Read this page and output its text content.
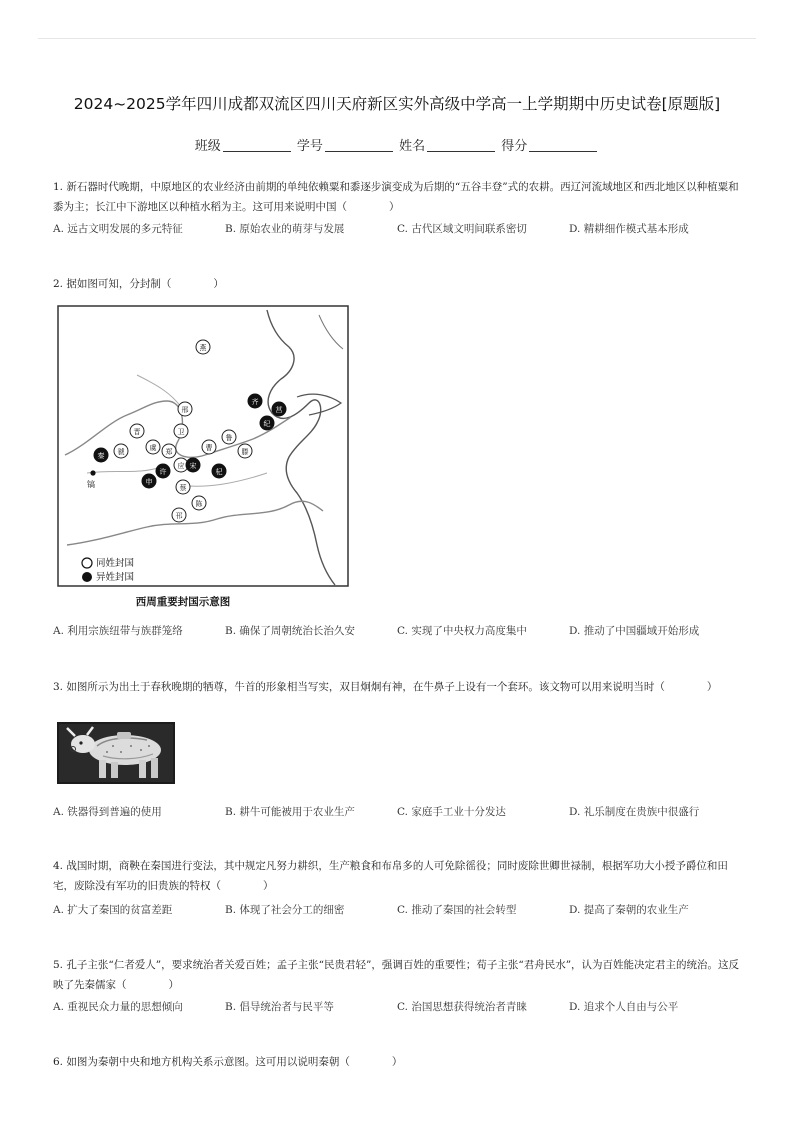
2024~2025学年四川成都双流区四川天府新区实外高级中学高一上学期期中历史试卷[原题版]
班级	学号	姓名	得分
1. 新石器时代晚期，中原地区的农业经济由前期的单纯依赖粟和黍逐步演变成为后期的“五谷丰登”式的农耕。西辽河流域地区和西北地区以种植粟和黍为主；长江中下游地区以种植水稻为主。这可用来说明中国（　　　　）
A. 远古文明发展的多元特征	B. 原始农业的萌芽与发展	C. 古代区域文明间联系密切	D. 精耕细作模式基本形成
2. 据如图可知，分封制（　　　　）
镐
燕
邢
卫
鲁
曹
晋
虢
应
蔡
陈
滕
邗
虞 郑
齐
莒
宋
秦
申
许
纪
杞
同姓封国
异姓封国
西周重要封国示意图
A. 利用宗族纽带与族群笼络	B. 确保了周朝统治长治久安	C. 实现了中央权力高度集中	D. 推动了中国疆域开始形成
3. 如图所示为出土于春秋晚期的牺尊，牛首的形象相当写实，双目炯炯有神，在牛鼻子上设有一个套环。该文物可以用来说明当时（　　　　）
A. 铁器得到普遍的使用	B. 耕牛可能被用于农业生产	C. 家庭手工业十分发达	D. 礼乐制度在贵族中很盛行
4. 战国时期，商鞅在秦国进行变法，其中规定凡努力耕织，生产粮食和布帛多的人可免除徭役；同时废除世卿世禄制，根据军功大小授予爵位和田宅，废除没有军功的旧贵族的特权（　　　　）
A. 扩大了秦国的贫富差距	B. 体现了社会分工的细密	C. 推动了秦国的社会转型	D. 提高了秦朝的农业生产
5. 孔子主张“仁者爱人”，要求统治者关爱百姓；孟子主张“民贵君轻”，强调百姓的重要性；荀子主张“君舟民水”，认为百姓能决定君主的统治。这反映了先秦儒家（　　　　）
A. 重视民众力量的思想倾向	B. 倡导统治者与民平等	C. 治国思想获得统治者青睐	D. 追求个人自由与公平
6. 如图为秦朝中央和地方机构关系示意图。这可用以说明秦朝（　　　　）
